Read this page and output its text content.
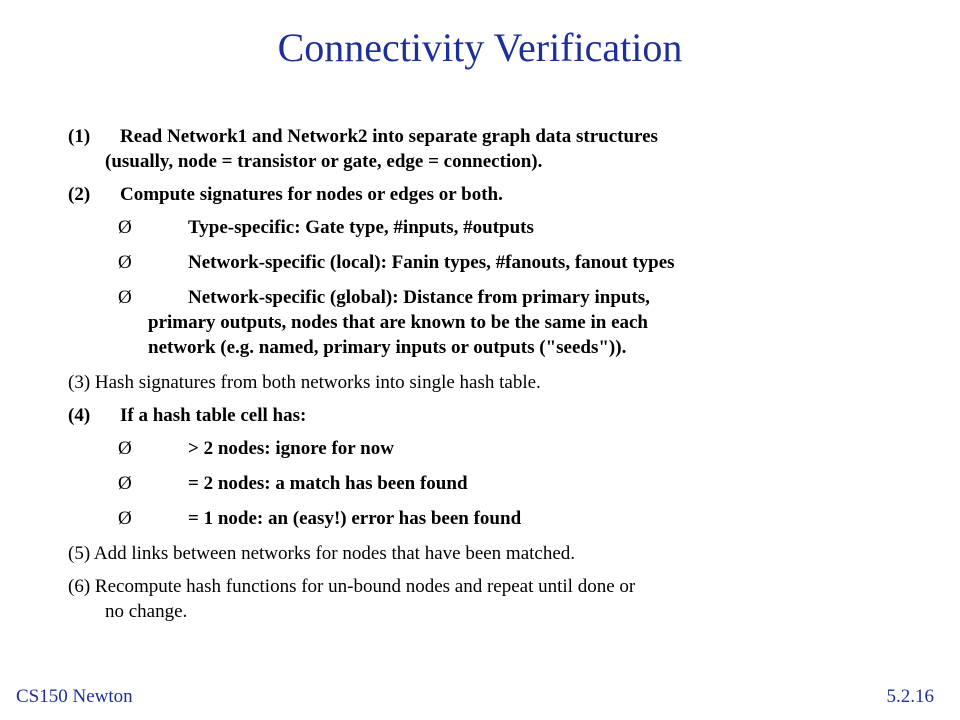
Connectivity Verification
(1) Read Network1 and Network2 into separate graph data structures
(usually, node = transistor or gate, edge = connection).
(2) Compute signatures for nodes or edges or both.
Ø	Type-specific: Gate type, #inputs, #outputs
Ø	Network-specific (local): Fanin types, #fanouts, fanout types
Ø	Network-specific (global): Distance from primary inputs,
primary outputs, nodes that are known to be the same in each
network (e.g. named, primary inputs or outputs ("seeds")).
(3) Hash signatures from both networks into single hash table.
(4) If a hash table cell has:
Ø	> 2 nodes: ignore for now
Ø	= 2 nodes: a match has been found
Ø	= 1 node: an (easy!) error has been found
(5) Add links between networks for nodes that have been matched.
(6) Recompute hash functions for un-bound nodes and repeat until done or
no change.
CS150 Newton	5.2.16
